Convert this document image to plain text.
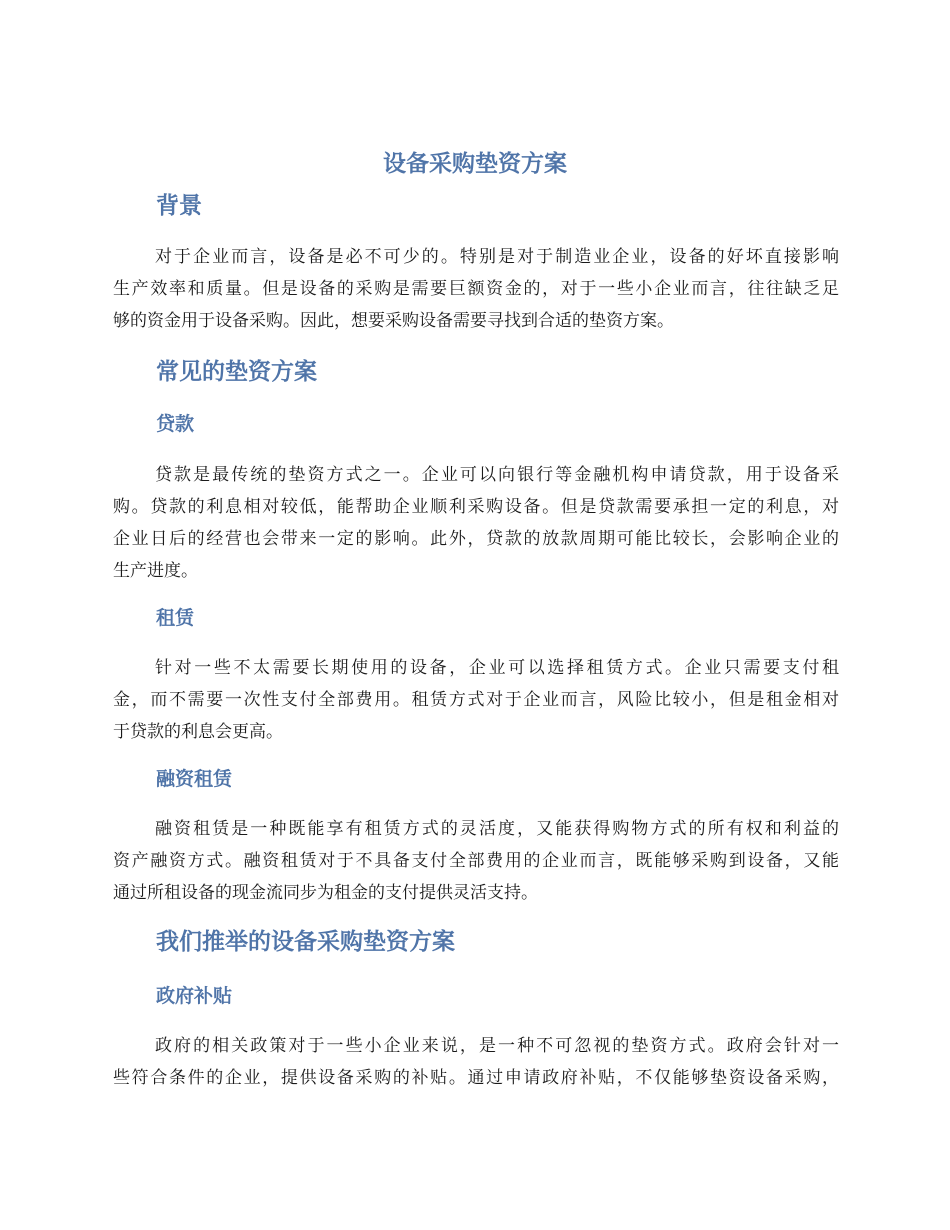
设备采购垫资方案
背景
对于企业而言，设备是必不可少的。特别是对于制造业企业，设备的好坏直接影响
生产效率和质量。但是设备的采购是需要巨额资金的，对于一些小企业而言，往往缺乏足
够的资金用于设备采购。因此，想要采购设备需要寻找到合适的垫资方案。
常见的垫资方案
贷款
贷款是最传统的垫资方式之一。企业可以向银行等金融机构申请贷款，用于设备采
购。贷款的利息相对较低，能帮助企业顺利采购设备。但是贷款需要承担一定的利息，对
企业日后的经营也会带来一定的影响。此外，贷款的放款周期可能比较长，会影响企业的
生产进度。
租赁
针对一些不太需要长期使用的设备，企业可以选择租赁方式。企业只需要支付租
金，而不需要一次性支付全部费用。租赁方式对于企业而言，风险比较小，但是租金相对
于贷款的利息会更高。
融资租赁
融资租赁是一种既能享有租赁方式的灵活度，又能获得购物方式的所有权和利益的
资产融资方式。融资租赁对于不具备支付全部费用的企业而言，既能够采购到设备，又能
通过所租设备的现金流同步为租金的支付提供灵活支持。
我们推举的设备采购垫资方案
政府补贴
政府的相关政策对于一些小企业来说，是一种不可忽视的垫资方式。政府会针对一
些符合条件的企业，提供设备采购的补贴。通过申请政府补贴，不仅能够垫资设备采购，
